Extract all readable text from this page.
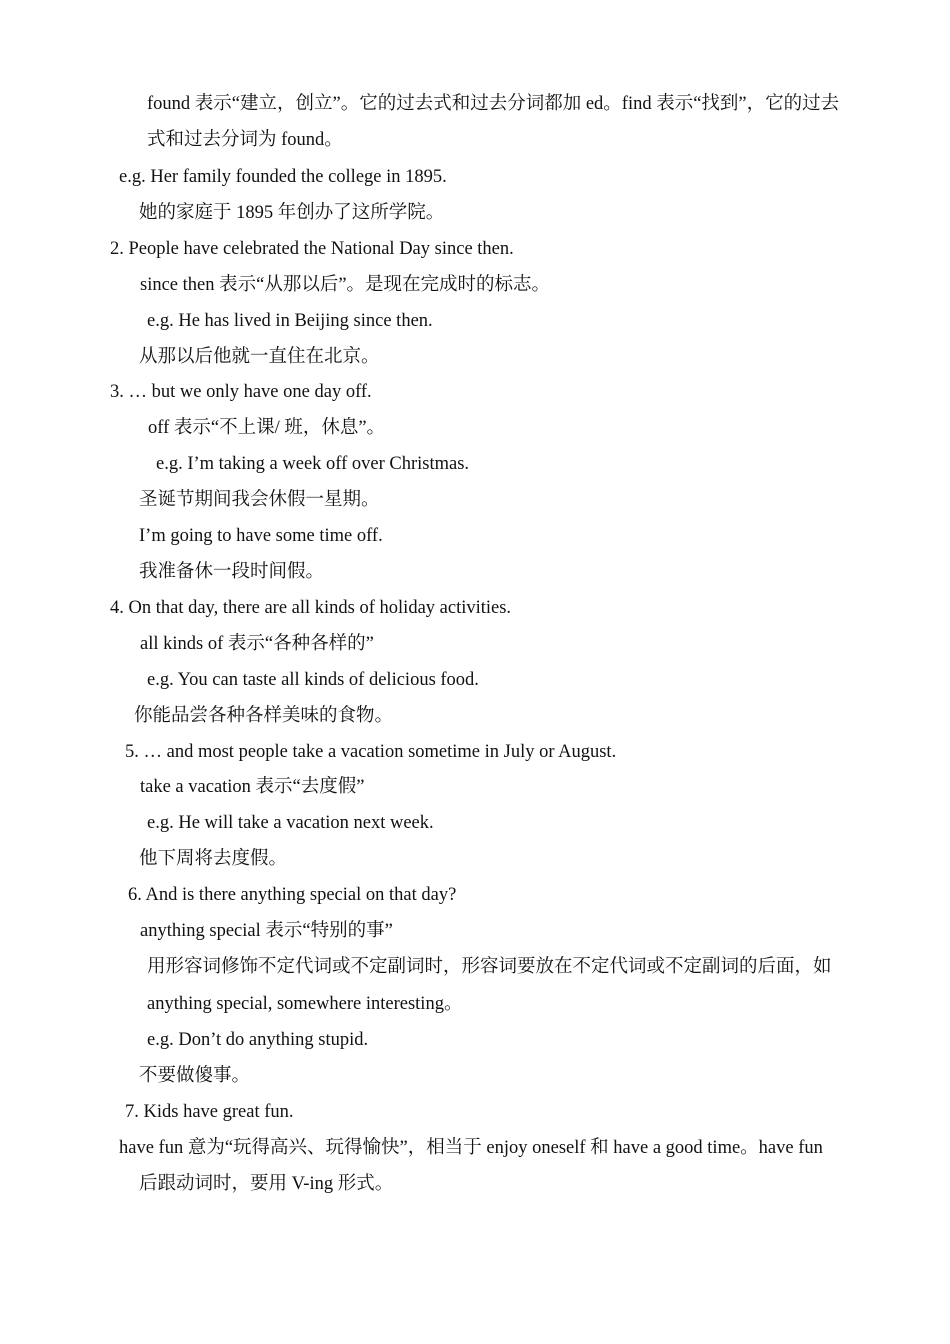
found 表示“建立，创立”。它的过去式和过去分词都加 ed。find 表示“找到”，它的过去
式和过去分词为 found。
e.g. Her family founded the college in 1895.
她的家庭于 1895 年创办了这所学院。
2. People have celebrated the National Day since then.
since then 表示“从那以后”。是现在完成时的标志。
e.g. He has lived in Beijing since then.
从那以后他就一直住在北京。
3. … but we only have one day off.
off 表示“不上课/ 班，休息”。
e.g. I’m taking a week off over Christmas.
圣诞节期间我会休假一星期。
I’m going to have some time off.
我准备休一段时间假。
4. On that day, there are all kinds of holiday activities.
all kinds of 表示“各种各样的”
e.g. You can taste all kinds of delicious food.
你能品尝各种各样美味的食物。
5. … and most people take a vacation sometime in July or August.
take a vacation 表示“去度假”
e.g. He will take a vacation next week.
他下周将去度假。
6. And is there anything special on that day?
anything special 表示“特别的事”
用形容词修饰不定代词或不定副词时，形容词要放在不定代词或不定副词的后面，如
anything special, somewhere interesting。
e.g. Don’t do anything stupid.
不要做傻事。
7. Kids have great fun.
have fun 意为“玩得高兴、玩得愉快”，相当于 enjoy oneself 和 have a good time。have fun
后跟动词时，要用 V-ing 形式。
